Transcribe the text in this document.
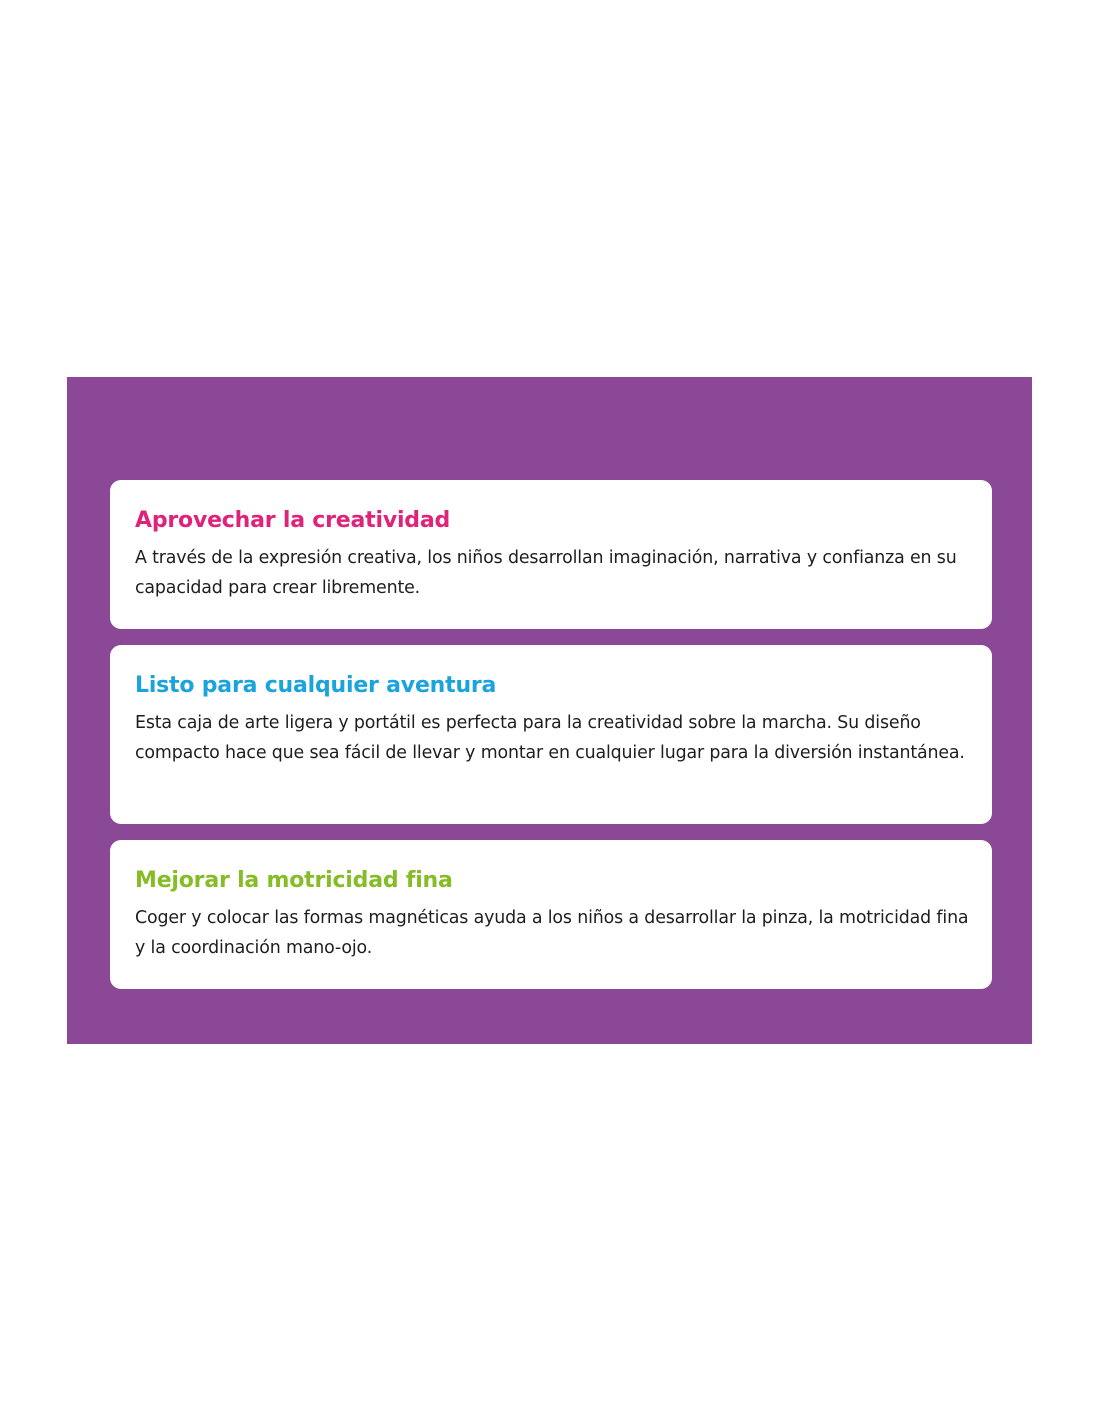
Aprovechar la creatividad

A través de la expresión creativa, los niños desarrollan imaginación, narrativa y confianza en su capacidad para crear libremente.

Listo para cualquier aventura

Esta caja de arte ligera y portátil es perfecta para la creatividad sobre la marcha. Su diseño compacto hace que sea fácil de llevar y montar en cualquier lugar para la diversión instantánea.

Mejorar la motricidad fina

Coger y colocar las formas magnéticas ayuda a los niños a desarrollar la pinza, la motricidad fina y la coordinación mano-ojo.
